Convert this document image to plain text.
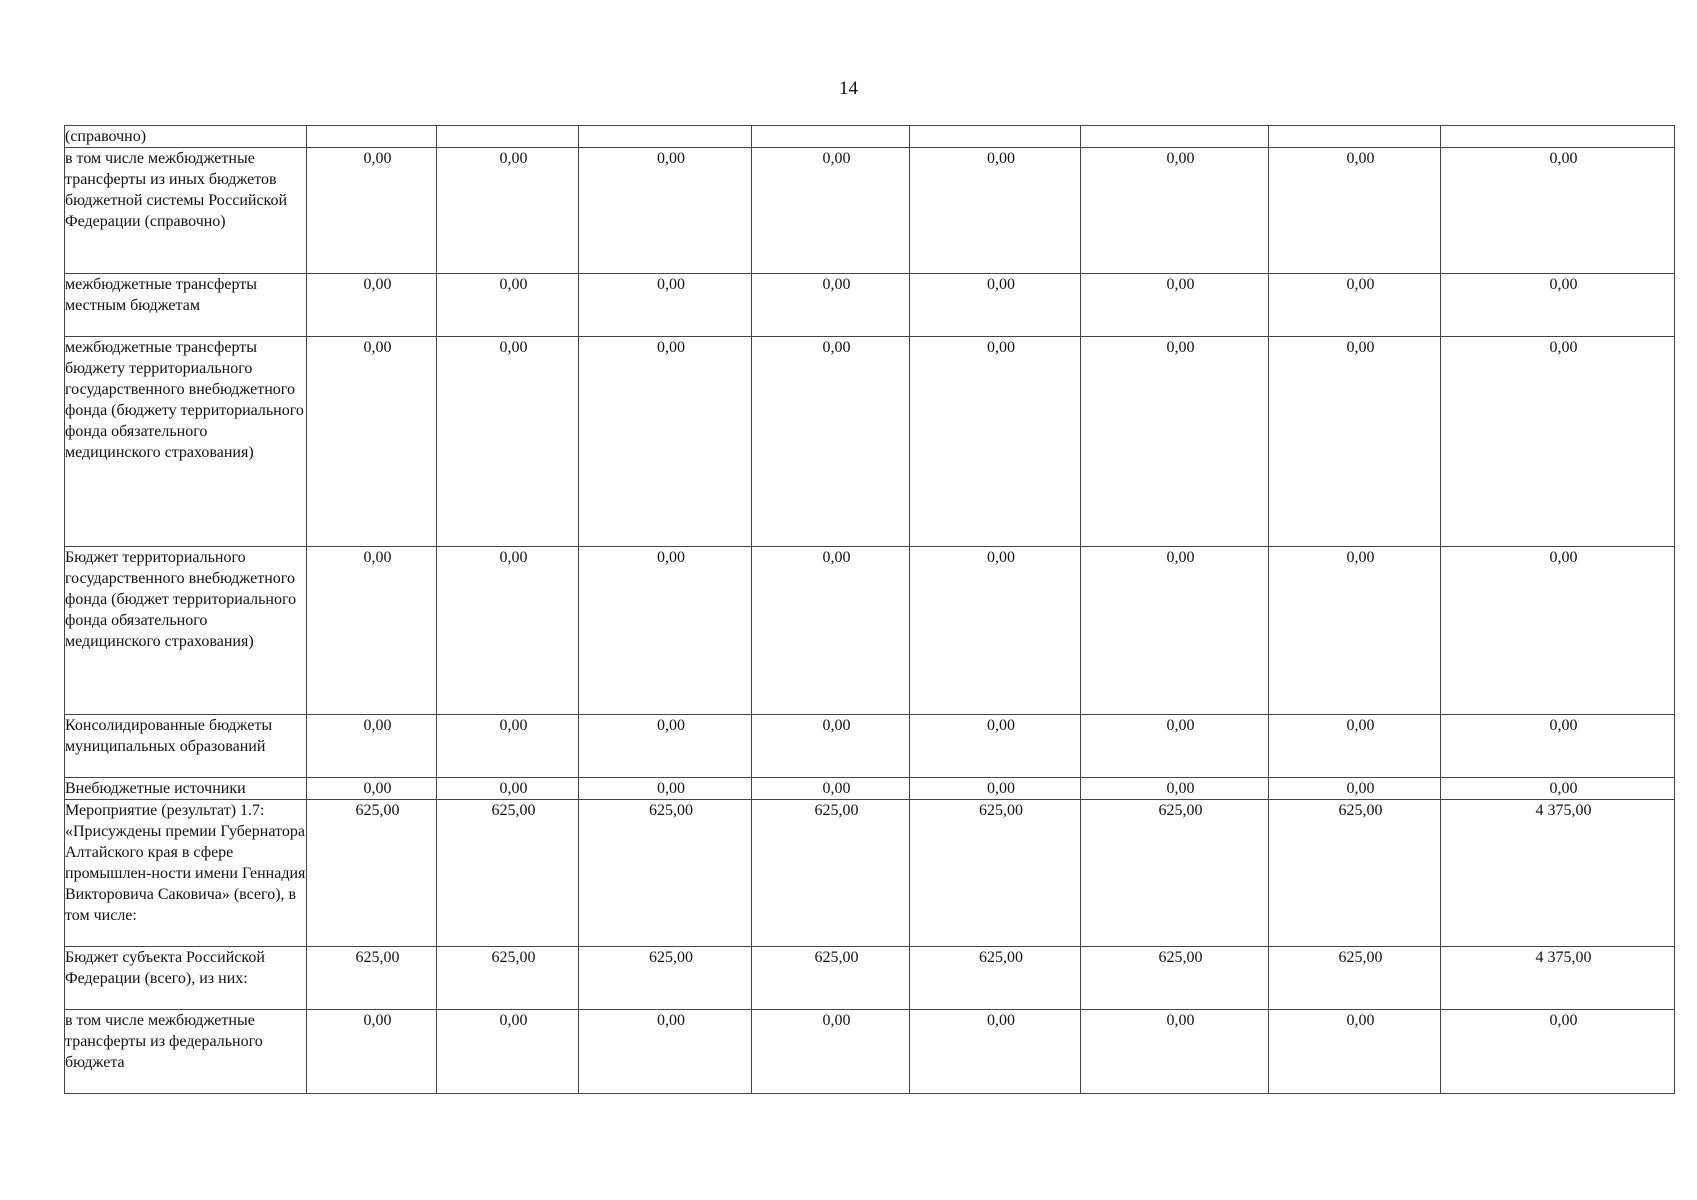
14
(справочно)								
в том числе межбюджетные трансферты из иных бюджетов бюджетной системы Российской Федерации (справочно)	0,00	0,00	0,00	0,00	0,00	0,00	0,00	0,00
межбюджетные трансферты местным бюджетам	0,00	0,00	0,00	0,00	0,00	0,00	0,00	0,00
межбюджетные трансферты бюджету территориального государственного внебюджетного фонда (бюджету территориального фонда обязательного медицинского страхования)	0,00	0,00	0,00	0,00	0,00	0,00	0,00	0,00
Бюджет территориального государственного внебюджетного фонда (бюджет территориального фонда обязательного медицинского страхования)	0,00	0,00	0,00	0,00	0,00	0,00	0,00	0,00
Консолидированные бюджеты муниципальных образований	0,00	0,00	0,00	0,00	0,00	0,00	0,00	0,00
Внебюджетные источники	0,00	0,00	0,00	0,00	0,00	0,00	0,00	0,00
Мероприятие (результат) 1.7: «Присуждены премии Губернатора Алтайского края в сфере промышлен-ности имени Геннадия Викторовича Саковича» (всего), в том числе:	625,00	625,00	625,00	625,00	625,00	625,00	625,00	4 375,00
Бюджет субъекта Российской Федерации (всего), из них:	625,00	625,00	625,00	625,00	625,00	625,00	625,00	4 375,00
в том числе межбюджетные трансферты из федерального бюджета	0,00	0,00	0,00	0,00	0,00	0,00	0,00	0,00
